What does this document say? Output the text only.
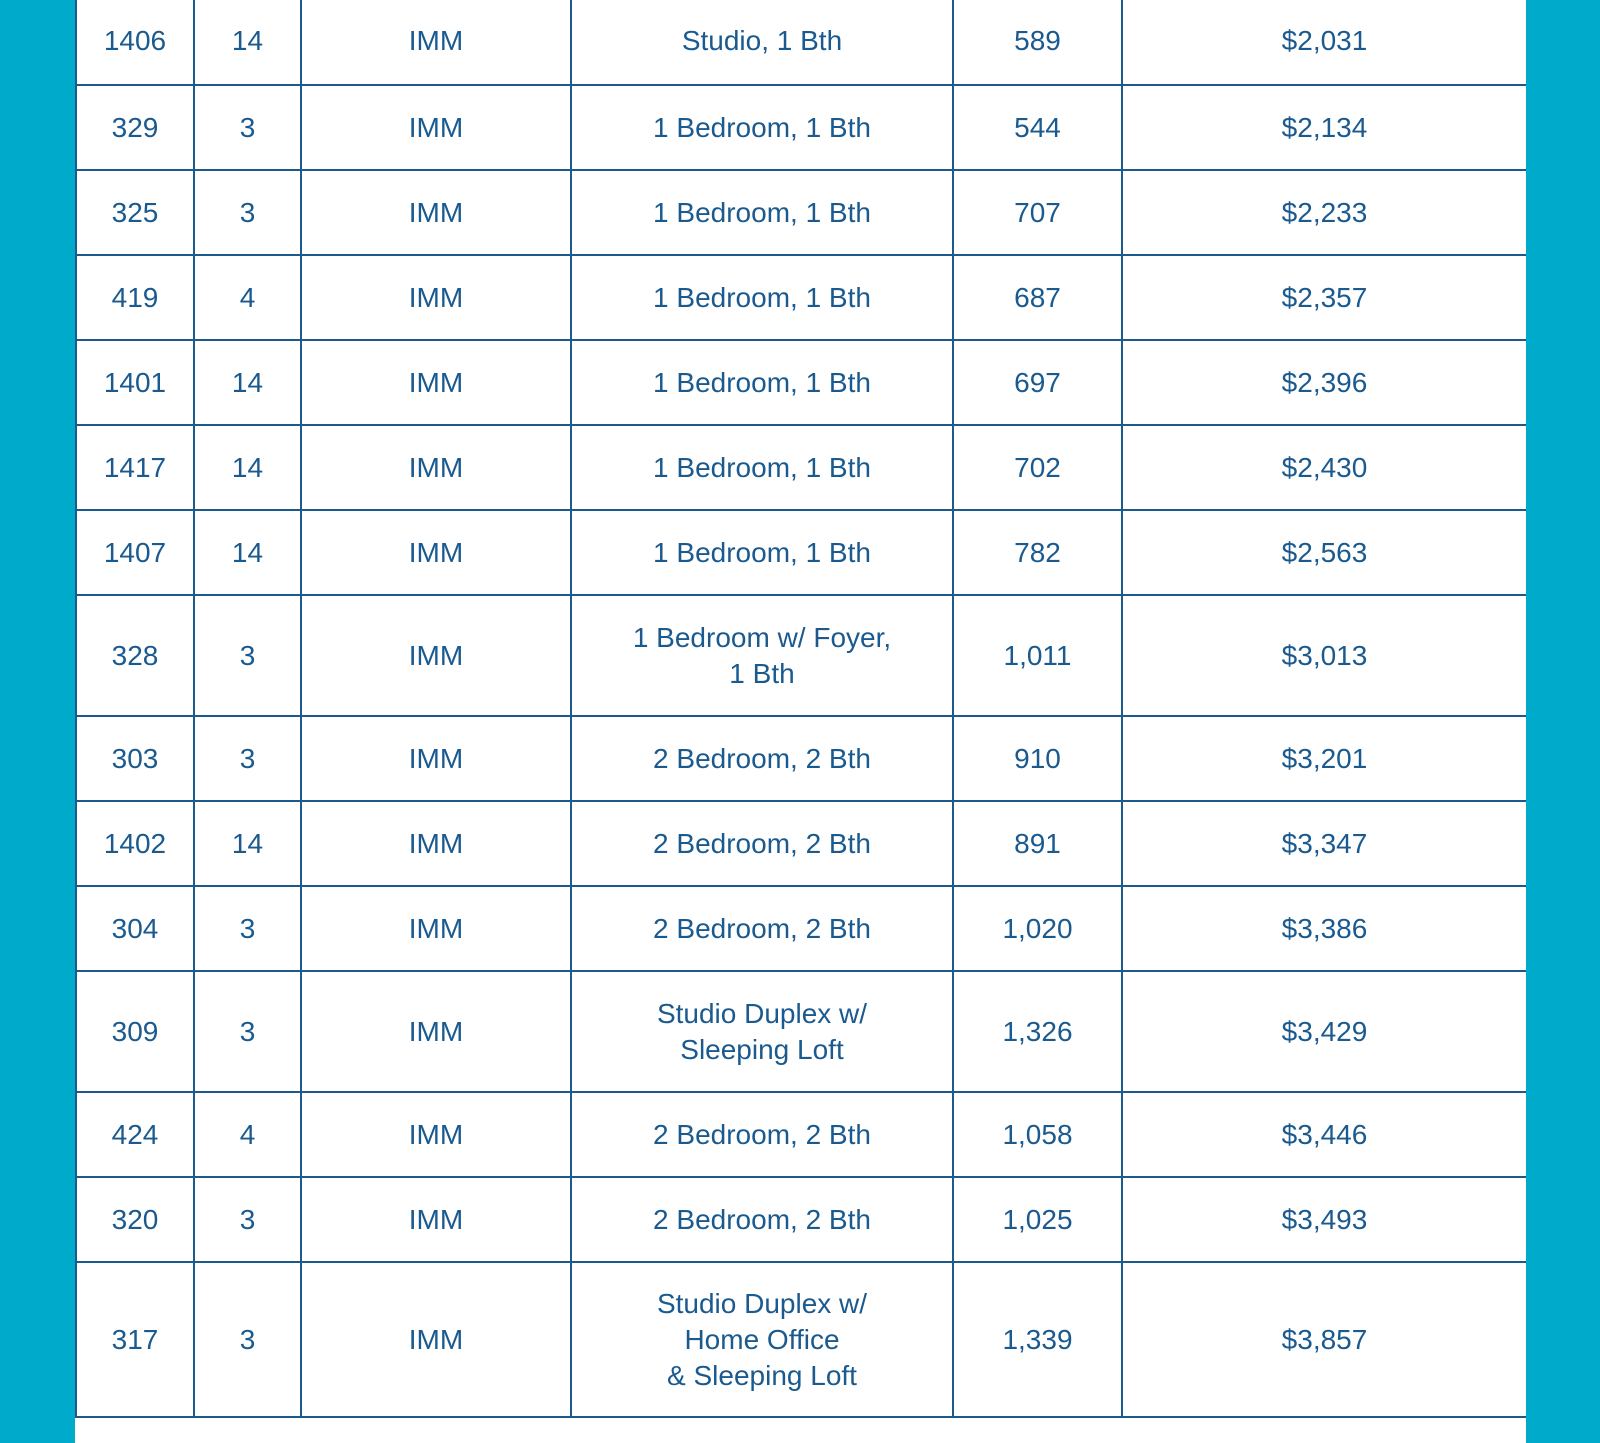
1406	14	IMM	Studio, 1 Bth	589	$2,031
329	3	IMM	1 Bedroom, 1 Bth	544	$2,134
325	3	IMM	1 Bedroom, 1 Bth	707	$2,233
419	4	IMM	1 Bedroom, 1 Bth	687	$2,357
1401	14	IMM	1 Bedroom, 1 Bth	697	$2,396
1417	14	IMM	1 Bedroom, 1 Bth	702	$2,430
1407	14	IMM	1 Bedroom, 1 Bth	782	$2,563
328	3	IMM	1 Bedroom w/ Foyer,
1 Bth	1,011	$3,013
303	3	IMM	2 Bedroom, 2 Bth	910	$3,201
1402	14	IMM	2 Bedroom, 2 Bth	891	$3,347
304	3	IMM	2 Bedroom, 2 Bth	1,020	$3,386
309	3	IMM	Studio Duplex w/
Sleeping Loft	1,326	$3,429
424	4	IMM	2 Bedroom, 2 Bth	1,058	$3,446
320	3	IMM	2 Bedroom, 2 Bth	1,025	$3,493
317	3	IMM	Studio Duplex w/
Home Office
& Sleeping Loft	1,339	$3,857
